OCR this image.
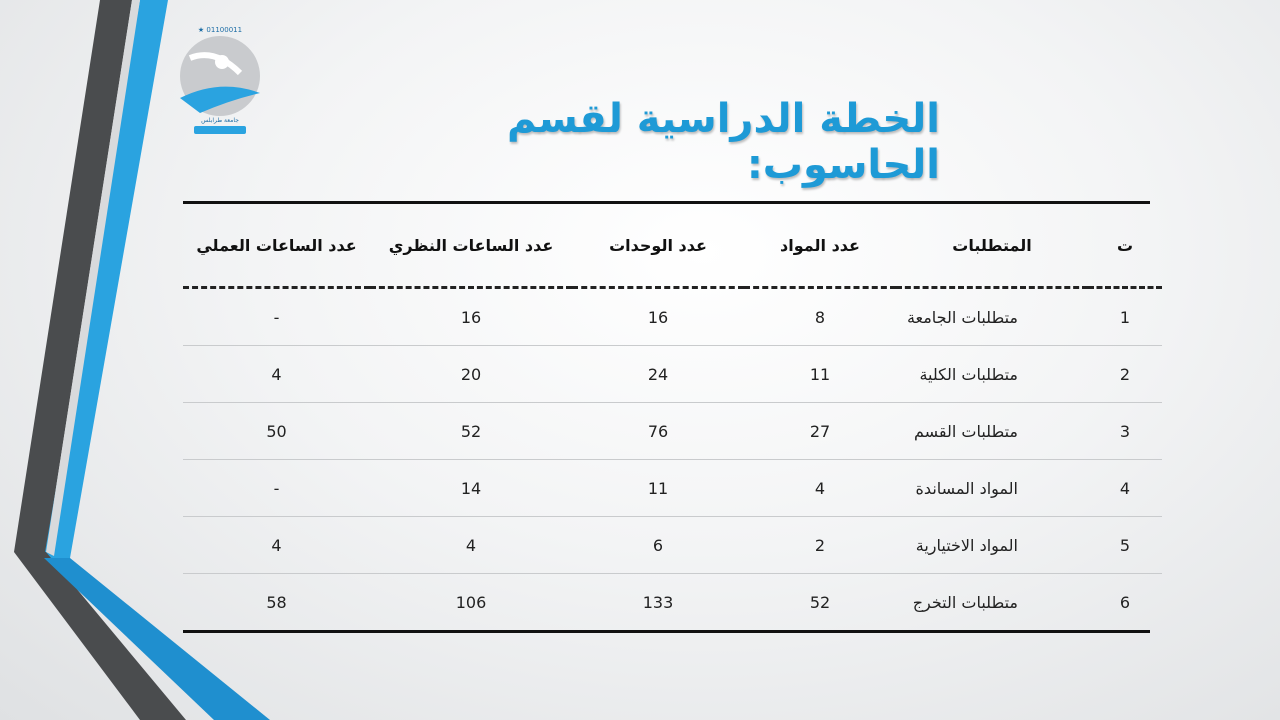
★ 01100011
جامعة طرابلس	الخطة الدراسية لقسم الحاسوب:
ت	المتطلبات	عدد المواد	عدد الوحدات	عدد الساعات النظري	عدد الساعات العملي
1	متطلبات الجامعة	8	16	16	-
2	متطلبات الكلية	11	24	20	4
3	متطلبات القسم	27	76	52	50
4	المواد المساندة	4	11	14	-
5	المواد الاختيارية	2	6	4	4
6	متطلبات التخرج	52	133	106	58
